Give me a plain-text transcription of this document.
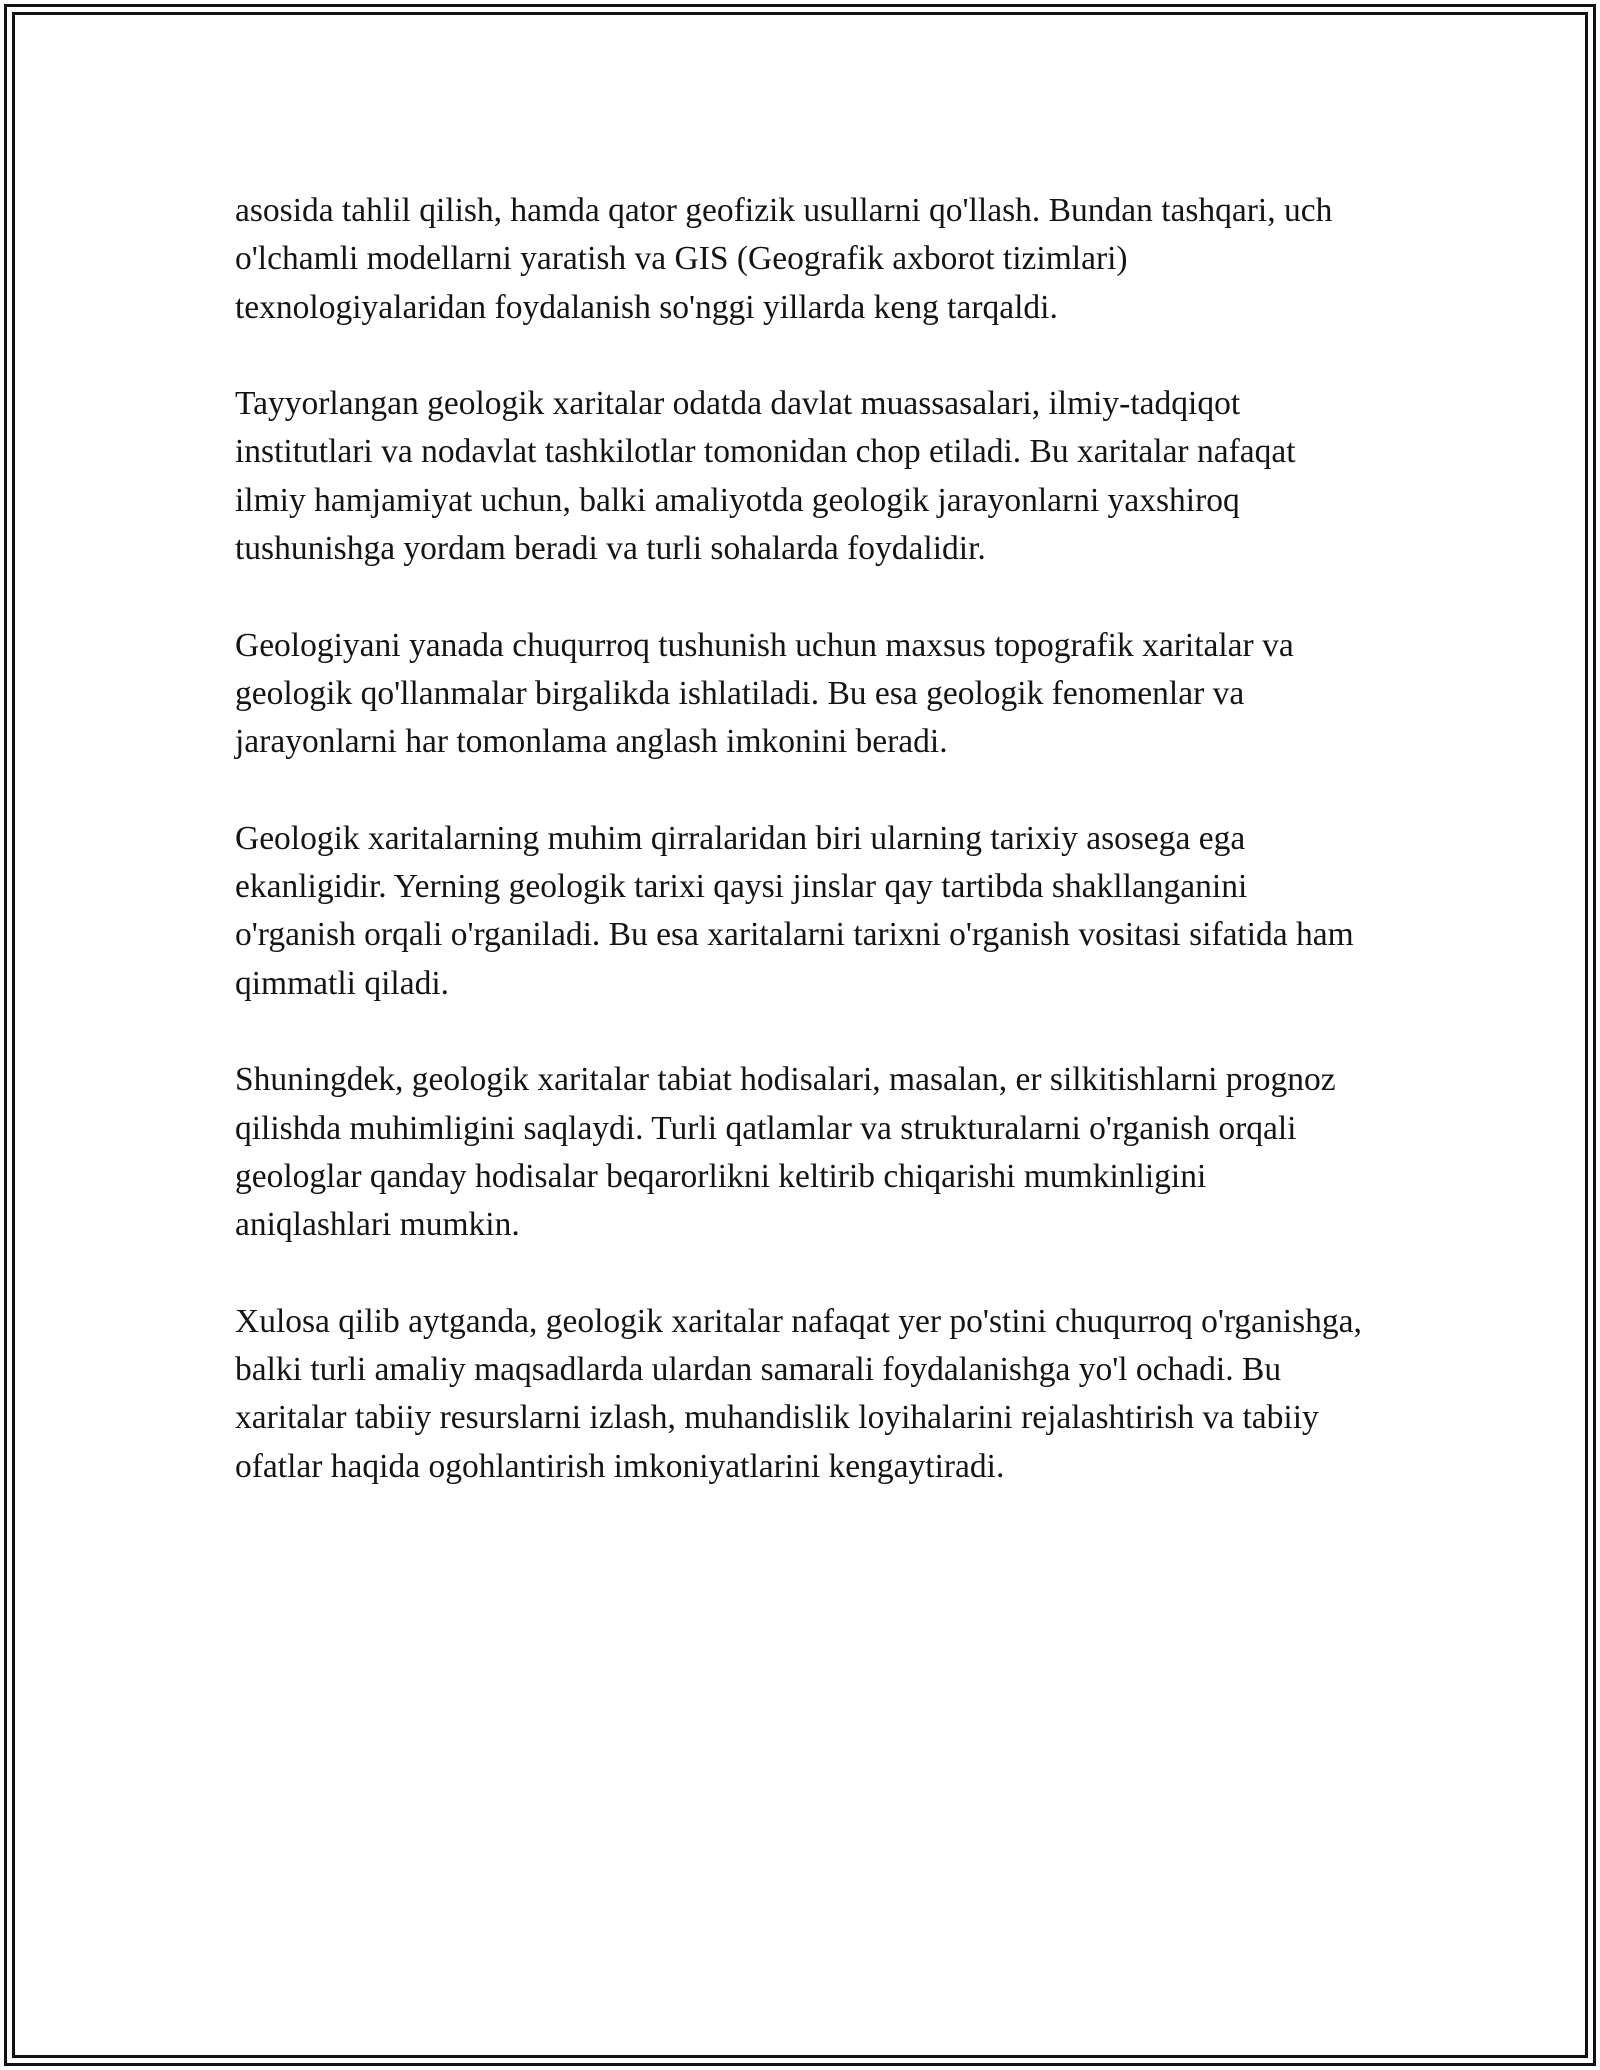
asosida tahlil qilish, hamda qator geofizik usullarni qo'llash. Bundan tashqari, uch o'lchamli modellarni yaratish va GIS (Geografik axborot tizimlari) texnologiyalaridan foydalanish so'nggi yillarda keng tarqaldi.

Tayyorlangan geologik xaritalar odatda davlat muassasalari, ilmiy-tadqiqot institutlari va nodavlat tashkilotlar tomonidan chop etiladi. Bu xaritalar nafaqat ilmiy hamjamiyat uchun, balki amaliyotda geologik jarayonlarni yaxshiroq tushunishga yordam beradi va turli sohalarda foydalidir.

Geologiyani yanada chuqurroq tushunish uchun maxsus topografik xaritalar va geologik qo'llanmalar birgalikda ishlatiladi. Bu esa geologik fenomenlar va jarayonlarni har tomonlama anglash imkonini beradi.

Geologik xaritalarning muhim qirralaridan biri ularning tarixiy asosega ega ekanligidir. Yerning geologik tarixi qaysi jinslar qay tartibda shakllanganini o'rganish orqali o'rganiladi. Bu esa xaritalarni tarixni o'rganish vositasi sifatida ham qimmatli qiladi.

Shuningdek, geologik xaritalar tabiat hodisalari, masalan, er silkitishlarni prognoz qilishda muhimligini saqlaydi. Turli qatlamlar va strukturalarni o'rganish orqali geologlar qanday hodisalar beqarorlikni keltirib chiqarishi mumkinligini aniqlashlari mumkin.

Xulosa qilib aytganda, geologik xaritalar nafaqat yer po'stini chuqurroq o'rganishga, balki turli amaliy maqsadlarda ulardan samarali foydalanishga yo'l ochadi. Bu xaritalar tabiiy resurslarni izlash, muhandislik loyihalarini rejalashtirish va tabiiy ofatlar haqida ogohlantirish imkoniyatlarini kengaytiradi.
